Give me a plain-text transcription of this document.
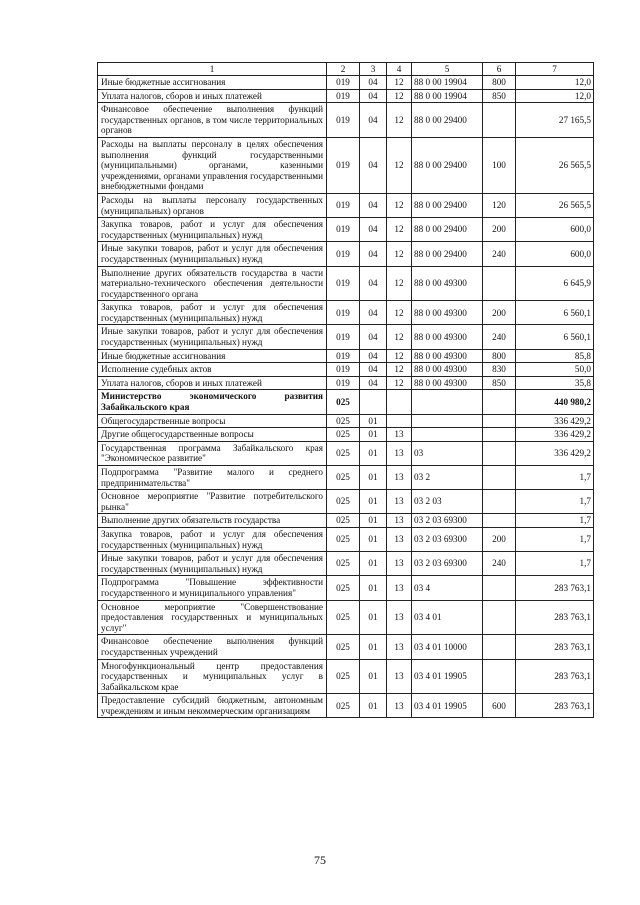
1	2	3	4	5	6	7
Иные бюджетные ассигнования	019	04	12	88 0 00 19904	800	12,0
Уплата налогов, сборов и иных платежей	019	04	12	88 0 00 19904	850	12,0
Финансовое обеспечение выполнения функций государственных органов, в том числе территориальных органов	019	04	12	88 0 00 29400		27 165,5
Расходы на выплаты персоналу в целях обеспечения выполнения функций государственными (муниципальными) органами, казенными учреждениями, органами управления государственными внебюджетными фондами	019	04	12	88 0 00 29400	100	26 565,5
Расходы на выплаты персоналу государственных (муниципальных) органов	019	04	12	88 0 00 29400	120	26 565,5
Закупка товаров, работ и услуг для обеспечения государственных (муниципальных) нужд	019	04	12	88 0 00 29400	200	600,0
Иные закупки товаров, работ и услуг для обеспечения государственных (муниципальных) нужд	019	04	12	88 0 00 29400	240	600,0
Выполнение других обязательств государства в части материально-технического обеспечения деятельности государственного органа	019	04	12	88 0 00 49300		6 645,9
Закупка товаров, работ и услуг для обеспечения государственных (муниципальных) нужд	019	04	12	88 0 00 49300	200	6 560,1
Иные закупки товаров, работ и услуг для обеспечения государственных (муниципальных) нужд	019	04	12	88 0 00 49300	240	6 560,1
Иные бюджетные ассигнования	019	04	12	88 0 00 49300	800	85,8
Исполнение судебных актов	019	04	12	88 0 00 49300	830	50,0
Уплата налогов, сборов и иных платежей	019	04	12	88 0 00 49300	850	35,8
Министерство экономического развития Забайкальского края	025					440 980,2
Общегосударственные вопросы	025	01				336 429,2
Другие общегосударственные вопросы	025	01	13			336 429,2
Государственная программа Забайкальского края "Экономическое развитие"	025	01	13	03		336 429,2
Подпрограмма "Развитие малого и среднего предпринимательства"	025	01	13	03 2		1,7
Основное мероприятие "Развитие потребительского рынка"	025	01	13	03 2 03		1,7
Выполнение других обязательств государства	025	01	13	03 2 03 69300		1,7
Закупка товаров, работ и услуг для обеспечения государственных (муниципальных) нужд	025	01	13	03 2 03 69300	200	1,7
Иные закупки товаров, работ и услуг для обеспечения государственных (муниципальных) нужд	025	01	13	03 2 03 69300	240	1,7
Подпрограмма "Повышение эффективности государственного и муниципального управления"	025	01	13	03 4		283 763,1
Основное мероприятие "Совершенствование предоставления государственных и муниципальных услуг"	025	01	13	03 4 01		283 763,1
Финансовое обеспечение выполнения функций государственных учреждений	025	01	13	03 4 01 10000		283 763,1
Многофункциональный центр предоставления государственных и муниципальных услуг в Забайкальском крае	025	01	13	03 4 01 19905		283 763,1
Предоставление субсидий бюджетным, автономным учреждениям и иным некоммерческим организациям	025	01	13	03 4 01 19905	600	283 763,1
75
